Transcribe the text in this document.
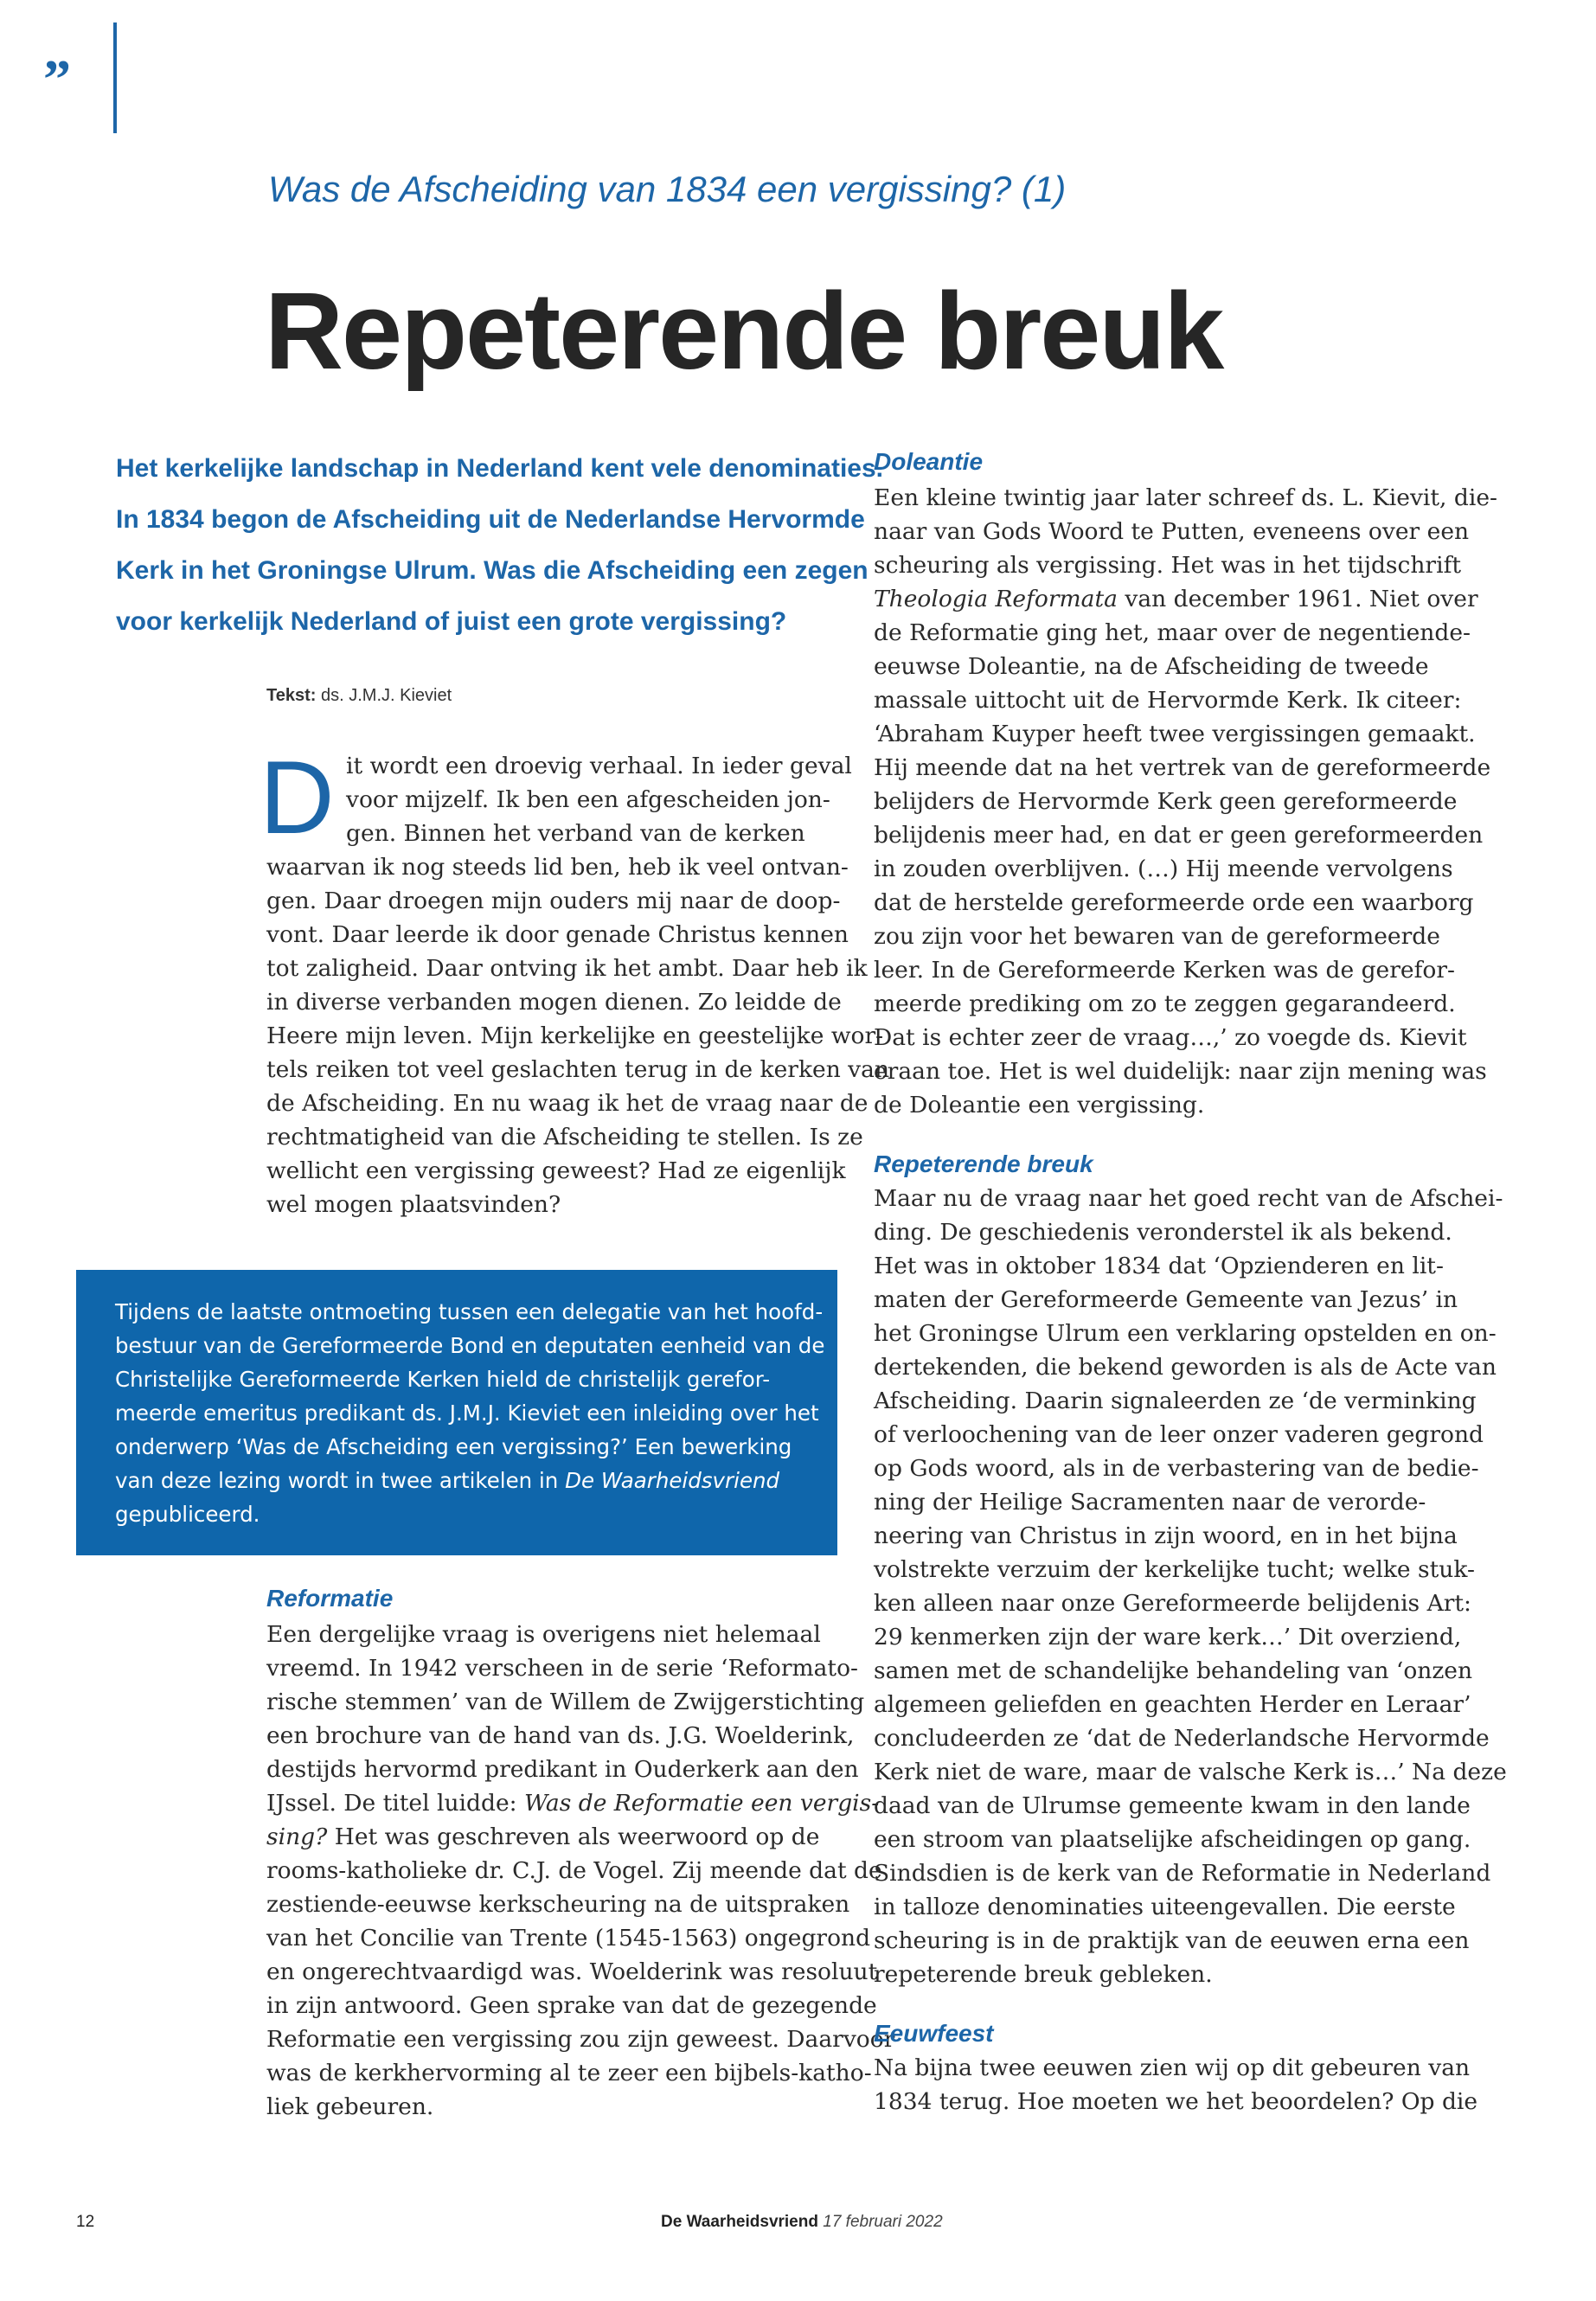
”
Was de Afscheiding van 1834 een vergissing? (1)
Repeterende breuk
Het kerkelijke landschap in Nederland kent vele denominaties.
In 1834 begon de Afscheiding uit de Nederlandse Hervormde
Kerk in het Groningse Ulrum. Was die Afscheiding een zegen
voor kerkelijk Nederland of juist een grote vergissing?
Tekst: ds. J.M.J. Kieviet
D it wordt een droevig verhaal. In ieder geval
voor mijzelf. Ik ben een afgescheiden jon-
gen. Binnen het verband van de kerken
waarvan ik nog steeds lid ben, heb ik veel ontvan-
gen. Daar droegen mijn ouders mij naar de doop-
vont. Daar leerde ik door genade Christus kennen
tot zaligheid. Daar ontving ik het ambt. Daar heb ik
in diverse verbanden mogen dienen. Zo leidde de
Heere mijn leven. Mijn kerkelijke en geestelijke wor-
tels reiken tot veel geslachten terug in de kerken van
de Afscheiding. En nu waag ik het de vraag naar de
rechtmatigheid van die Afscheiding te stellen. Is ze
wellicht een vergissing geweest? Had ze eigenlijk
wel mogen plaatsvinden?
Tijdens de laatste ontmoeting tussen een delegatie van het hoofd-
bestuur van de Gereformeerde Bond en deputaten eenheid van de
Christelijke Gereformeerde Kerken hield de christelijk gerefor-
meerde emeritus predikant ds. J.M.J. Kieviet een inleiding over het
onderwerp ‘Was de Afscheiding een vergissing?’ Een bewerking
van deze lezing wordt in twee artikelen in De Waarheidsvriend
gepubliceerd.
Reformatie
Een dergelijke vraag is overigens niet helemaal
vreemd. In 1942 verscheen in de serie ‘Reformato-
rische stemmen’ van de Willem de Zwijgerstichting
een brochure van de hand van ds. J.G. Woelderink,
destijds hervormd predikant in Ouderkerk aan den
IJssel. De titel luidde: Was de Reformatie een vergis-
sing? Het was geschreven als weerwoord op de
rooms-katholieke dr. C.J. de Vogel. Zij meende dat de
zestiende-eeuwse kerkscheuring na de uitspraken
van het Concilie van Trente (1545-1563) ongegrond
en ongerechtvaardigd was. Woelderink was resoluut
in zijn antwoord. Geen sprake van dat de gezegende
Reformatie een vergissing zou zijn geweest. Daarvoor
was de kerkhervorming al te zeer een bijbels-katho-
liek gebeuren.
Doleantie
Een kleine twintig jaar later schreef ds. L. Kievit, die-
naar van Gods Woord te Putten, eveneens over een
scheuring als vergissing. Het was in het tijdschrift
Theologia Reformata van december 1961. Niet over
de Reformatie ging het, maar over de negentiende-
eeuwse Doleantie, na de Afscheiding de tweede
massale uittocht uit de Hervormde Kerk. Ik citeer:
‘Abraham Kuyper heeft twee vergissingen gemaakt.
Hij meende dat na het vertrek van de gereformeerde
belijders de Hervormde Kerk geen gereformeerde
belijdenis meer had, en dat er geen gereformeerden
in zouden overblijven. (…) Hij meende vervolgens
dat de herstelde gereformeerde orde een waarborg
zou zijn voor het bewaren van de gereformeerde
leer. In de Gereformeerde Kerken was de gerefor-
meerde prediking om zo te zeggen gegarandeerd.
Dat is echter zeer de vraag…,’ zo voegde ds. Kievit
eraan toe. Het is wel duidelijk: naar zijn mening was
de Doleantie een vergissing.
Repeterende breuk
Maar nu de vraag naar het goed recht van de Afschei-
ding. De geschiedenis veronderstel ik als bekend.
Het was in oktober 1834 dat ‘Opzienderen en lit-
maten der Gereformeerde Gemeente van Jezus’ in
het Groningse Ulrum een verklaring opstelden en on-
dertekenden, die bekend geworden is als de Acte van
Afscheiding. Daarin signaleerden ze ‘de verminking
of verloochening van de leer onzer vaderen gegrond
op Gods woord, als in de verbastering van de bedie-
ning der Heilige Sacramenten naar de verorde-
neering van Christus in zijn woord, en in het bijna
volstrekte verzuim der kerkelijke tucht; welke stuk-
ken alleen naar onze Gereformeerde belijdenis Art:
29 kenmerken zijn der ware kerk…’ Dit overziend,
samen met de schandelijke behandeling van ‘onzen
algemeen geliefden en geachten Herder en Leraar’
concludeerden ze ‘dat de Nederlandsche Hervormde
Kerk niet de ware, maar de valsche Kerk is…’ Na deze
daad van de Ulrumse gemeente kwam in den lande
een stroom van plaatselijke afscheidingen op gang.
Sindsdien is de kerk van de Reformatie in Nederland
in talloze denominaties uiteengevallen. Die eerste
scheuring is in de praktijk van de eeuwen erna een
repeterende breuk gebleken.
Eeuwfeest
Na bijna twee eeuwen zien wij op dit gebeuren van
1834 terug. Hoe moeten we het beoordelen? Op die
12	De Waarheidsvriend 17 februari 2022
